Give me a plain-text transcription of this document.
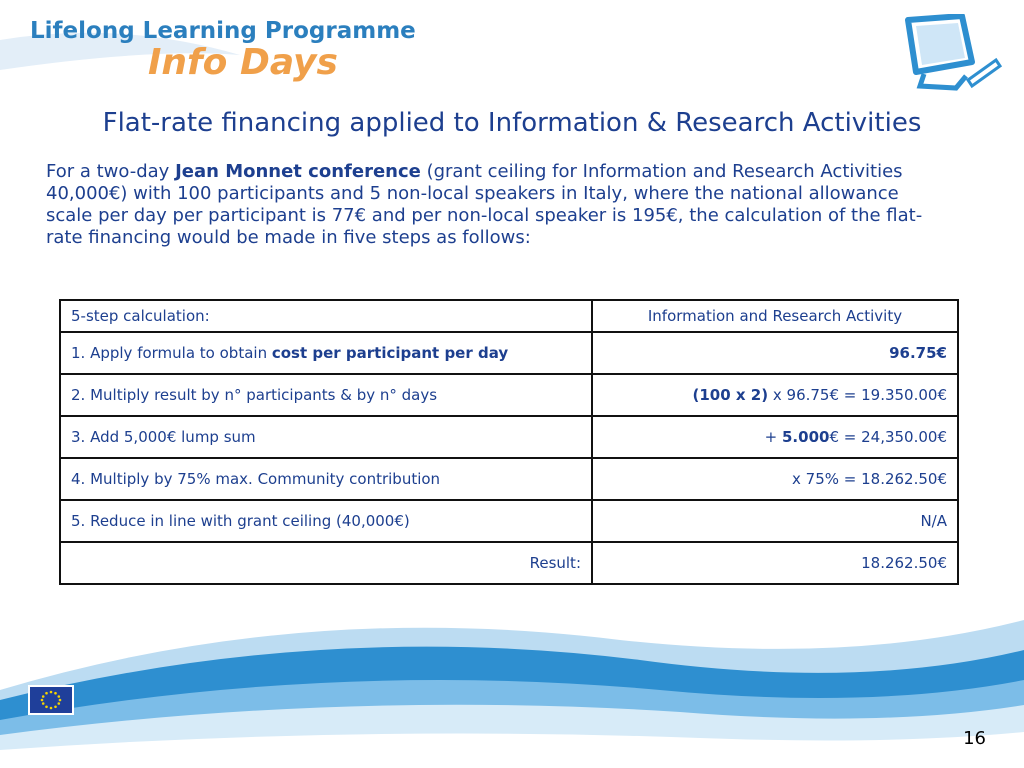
Lifelong Learning Programme
Info Days
Flat-rate financing applied to Information & Research Activities
For a two-day Jean Monnet conference (grant ceiling for Information and Research Activities 40,000€) with 100 participants and 5 non-local speakers in Italy, where the national allowance scale per day per participant is 77€ and per non-local speaker is 195€, the calculation of the flat-rate financing would be made in five steps as follows:
5-step calculation:	Information and Research Activity
1. Apply formula to obtain cost per participant per day	96.75€
2. Multiply result by n° participants & by n° days	(100 x 2) x 96.75€ = 19.350.00€
3. Add 5,000€ lump sum	+ 5.000€ = 24,350.00€
4. Multiply by 75% max. Community contribution	x 75% = 18.262.50€
5. Reduce in line with grant ceiling (40,000€)	N/A
Result:	18.262.50€
16
